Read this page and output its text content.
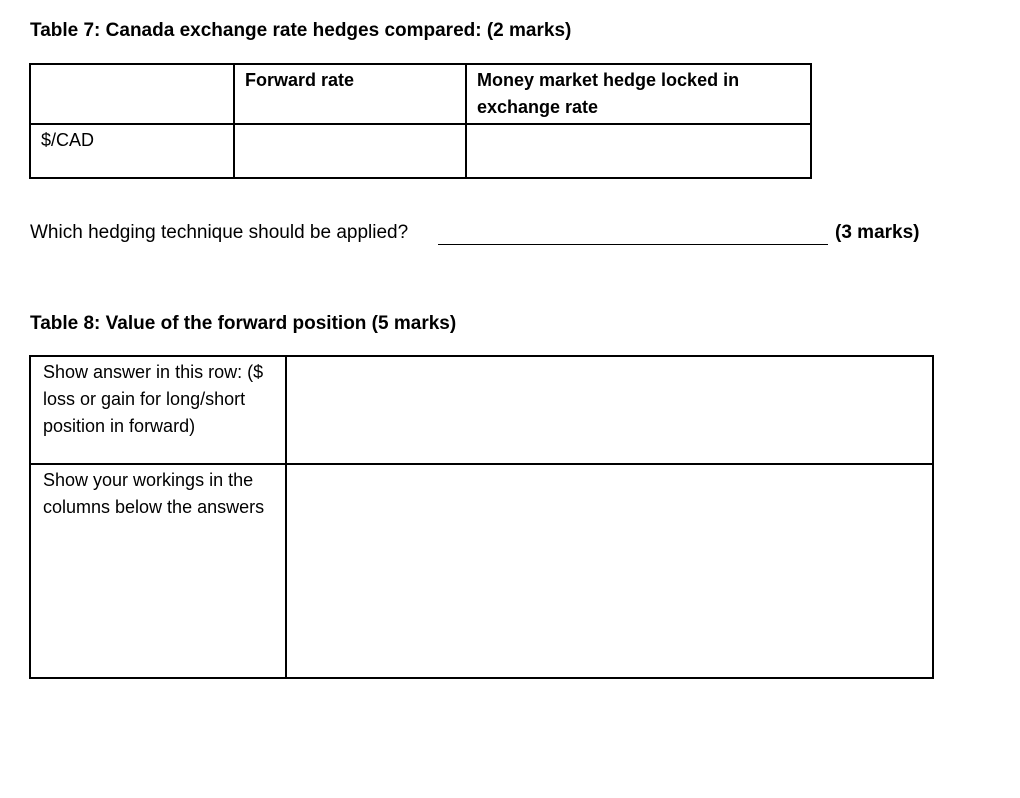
Table 7: Canada exchange rate hedges compared: (2 marks)
	Forward rate	Money market hedge locked in exchange rate
$/CAD		
Which hedging technique should be applied?	(3 marks)
Table 8: Value of the forward position (5 marks)
Show answer in this row: ($ loss or gain for long/short position in forward)	
Show your workings in the columns below the answers	
